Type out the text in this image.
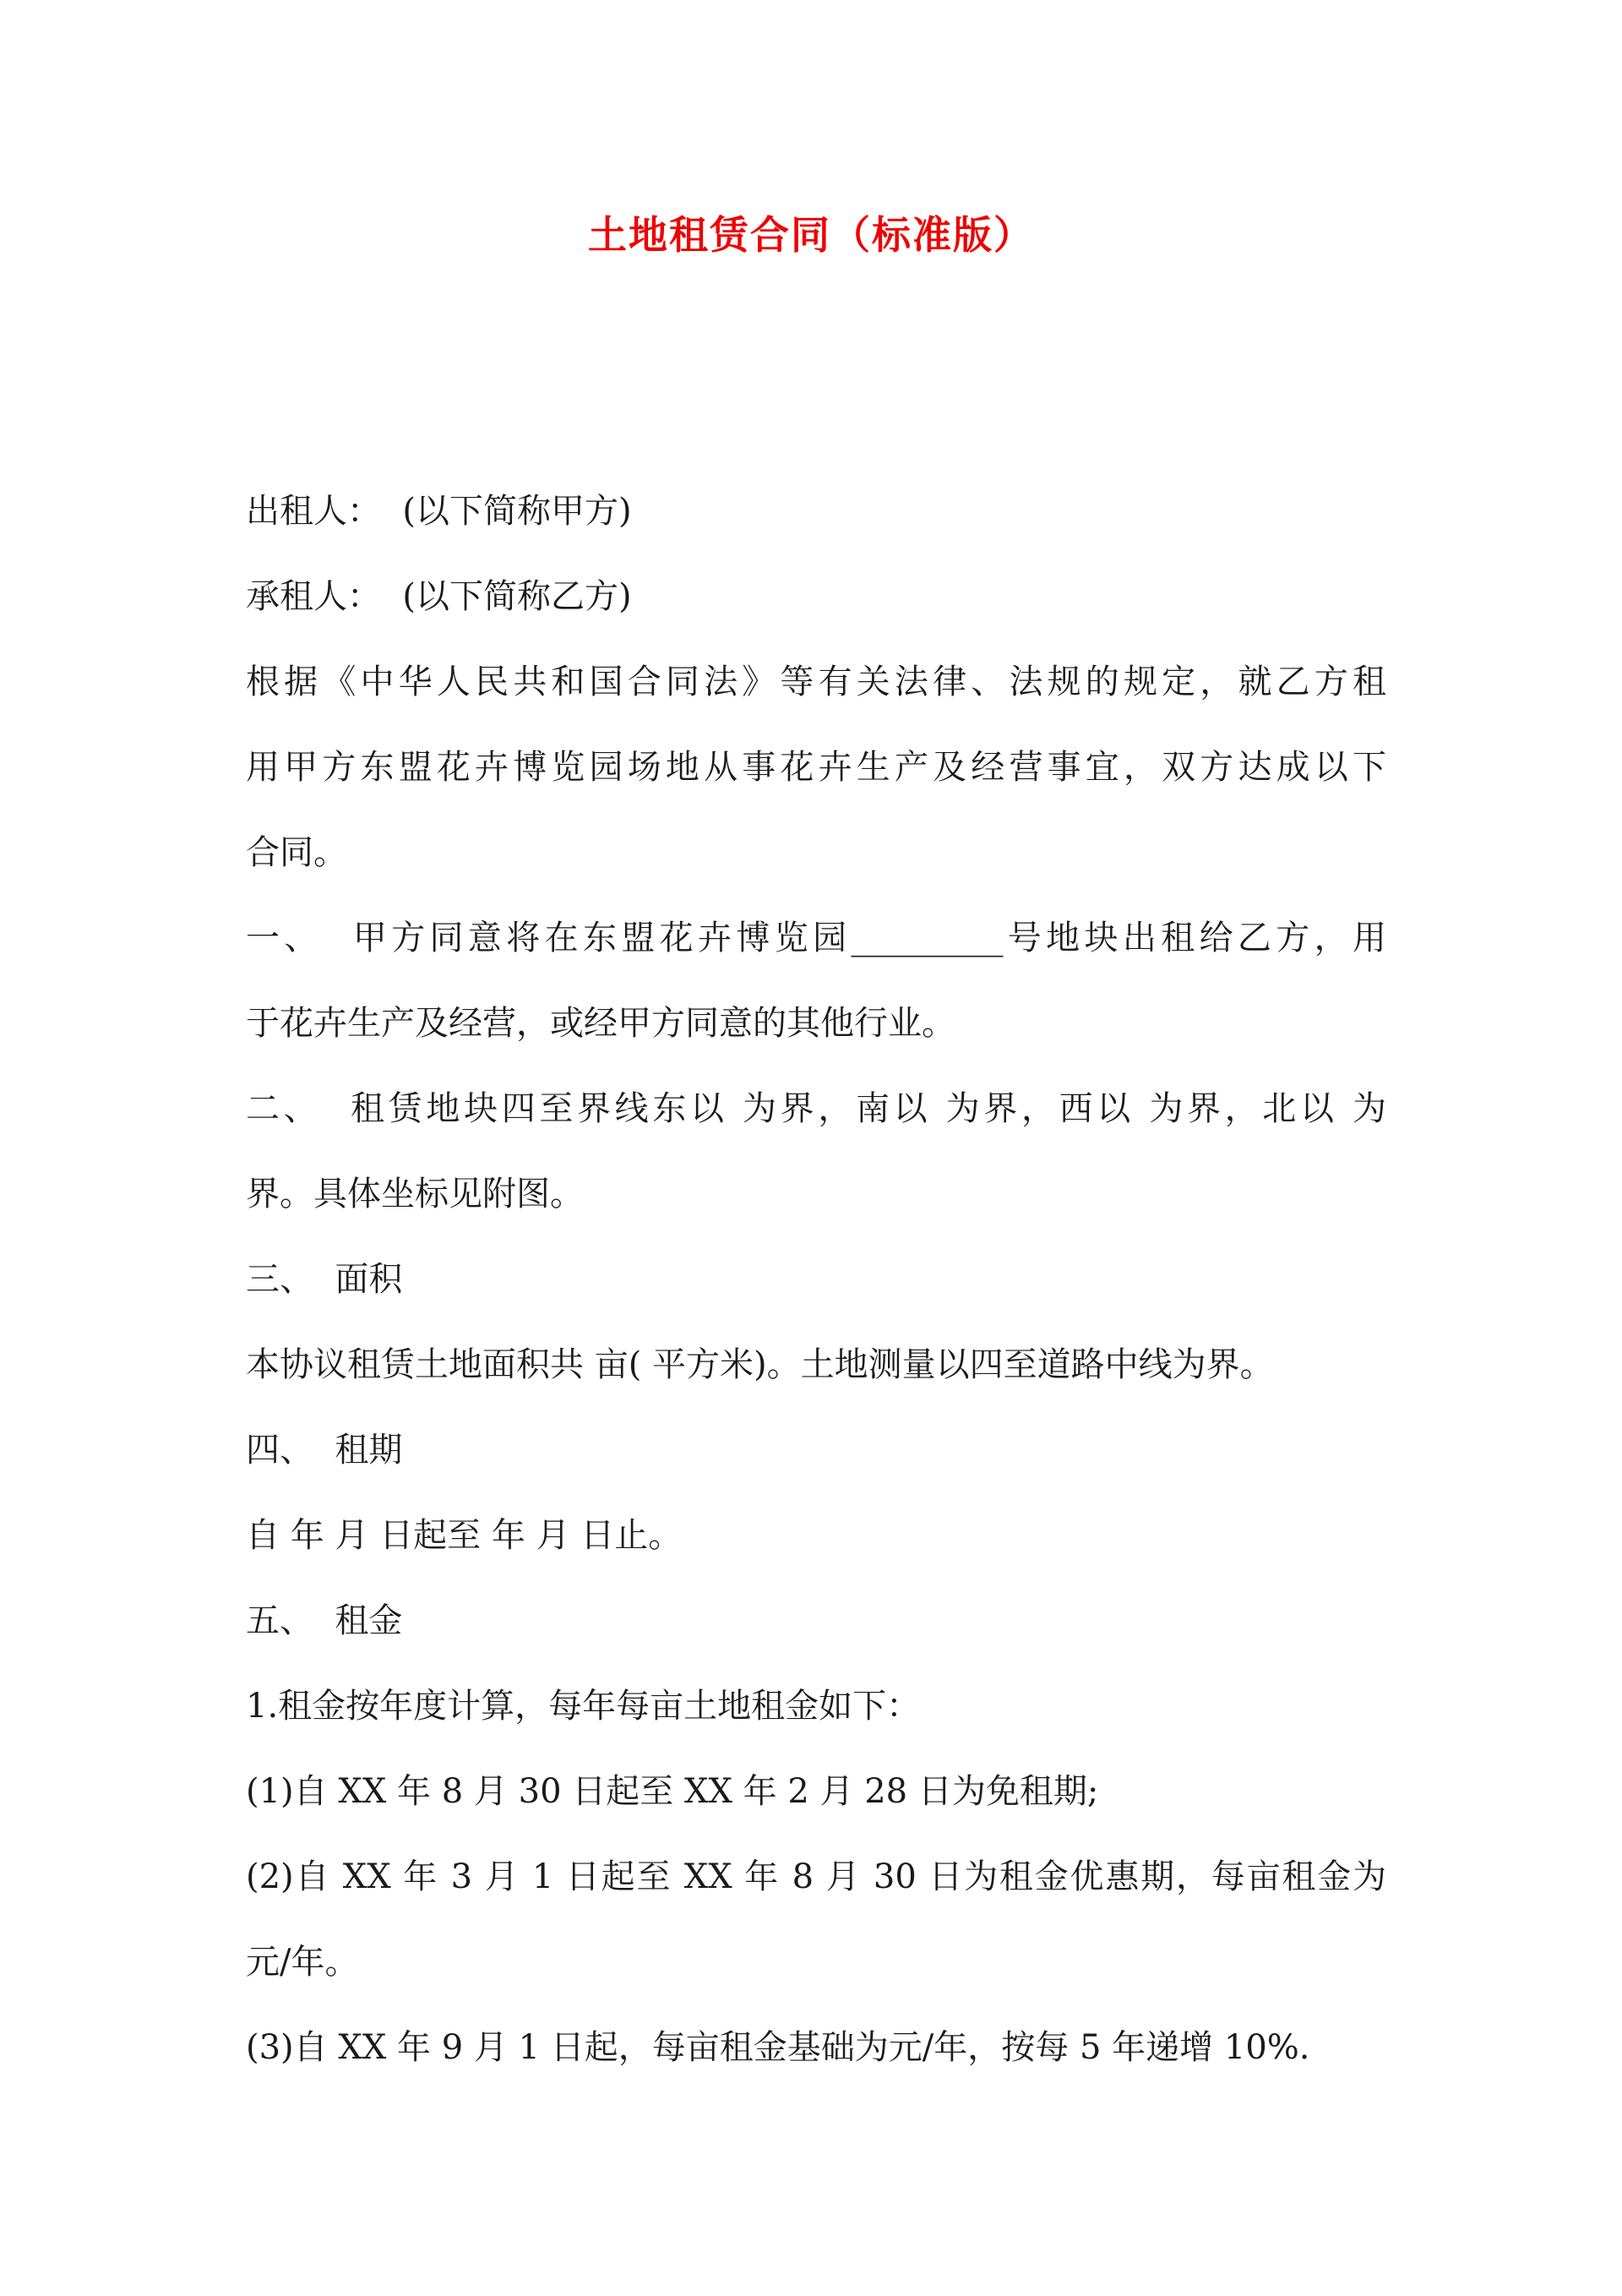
土地租赁合同（标准版）
出租人：  (以下简称甲方)
承租人：  (以下简称乙方)
根据《中华人民共和国合同法》等有关法律、法规的规定，就乙方租
用甲方东盟花卉博览园场地从事花卉生产及经营事宜，双方达成以下
合同。
一、  甲方同意将在东盟花卉博览园_________号地块出租给乙方，用
于花卉生产及经营，或经甲方同意的其他行业。
二、  租赁地块四至界线东以 为界，南以 为界，西以 为界，北以 为
界。具体坐标见附图。
三、  面积
本协议租赁土地面积共 亩( 平方米)。土地测量以四至道路中线为界。
四、  租期
自 年 月 日起至 年 月 日止。
五、  租金
1.租金按年度计算，每年每亩土地租金如下：
(1)自 XX 年 8 月 30 日起至 XX 年 2 月 28 日为免租期;
(2)自 XX 年 3 月 1 日起至 XX 年 8 月 30 日为租金优惠期，每亩租金为
元/年。
(3)自 XX 年 9 月 1 日起，每亩租金基础为元/年，按每 5 年递增 10%.
